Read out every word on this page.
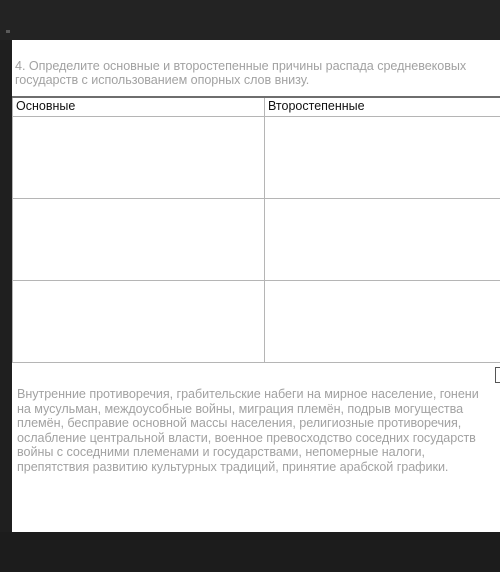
4. Определите основные и второстепенные причины распада средневековых
государств с использованием опорных слов внизу.
Основные	Второстепенные

Внутренние противоречия, грабительские набеги на мирное население, гонени
на мусульман, междоусобные войны, миграция племён, подрыв могущества
племён, бесправие основной массы населения, религиозные противоречия,
ослабление центральной власти, военное превосходство соседних государств
войны с соседними племенами и государствами, непомерные налоги,
препятствия развитию культурных традиций, принятие арабской графики.
